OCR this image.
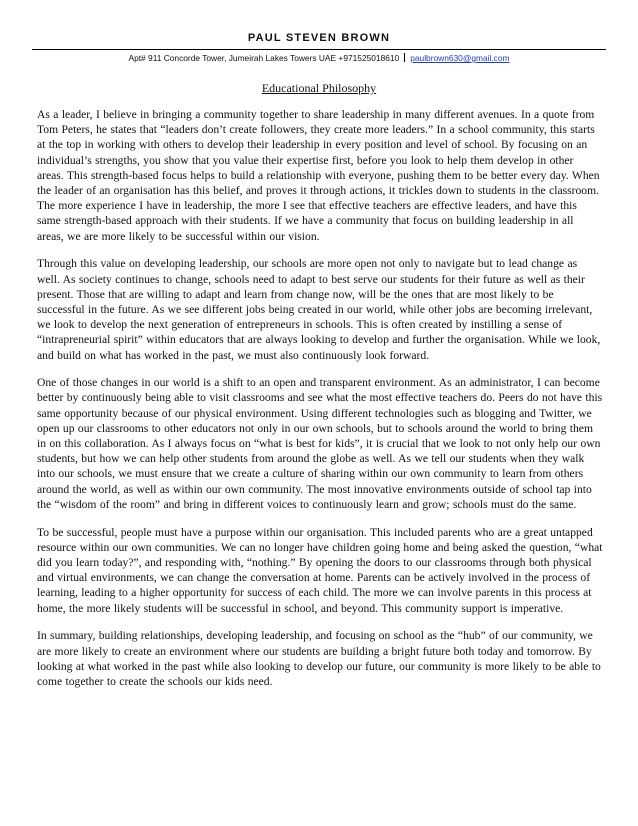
PAUL STEVEN BROWN
Apt# 911 Concorde Tower, Jumeirah Lakes Towers UAE +971525018610 paulbrown630@gmail.com
Educational Philosophy

As a leader, I believe in bringing a community together to share leadership in many different avenues. In a quote from Tom Peters, he states that “leaders don’t create followers, they create more leaders.” In a school community, this starts at the top in working with others to develop their leadership in every position and level of school. By focusing on an individual’s strengths, you show that you value their expertise first, before you look to help them develop in other areas. This strength-based focus helps to build a relationship with everyone, pushing them to be better every day. When the leader of an organisation has this belief, and proves it through actions, it trickles down to students in the classroom. The more experience I have in leadership, the more I see that effective teachers are effective leaders, and have this same strength-based approach with their students. If we have a community that focus on building leadership in all areas, we are more likely to be successful within our vision.

Through this value on developing leadership, our schools are more open not only to navigate but to lead change as well. As society continues to change, schools need to adapt to best serve our students for their future as well as their present. Those that are willing to adapt and learn from change now, will be the ones that are most likely to be successful in the future. As we see different jobs being created in our world, while other jobs are becoming irrelevant, we look to develop the next generation of entrepreneurs in schools. This is often created by instilling a sense of “intrapreneurial spirit” within educators that are always looking to develop and further the organisation. While we look, and build on what has worked in the past, we must also continuously look forward.

One of those changes in our world is a shift to an open and transparent environment. As an administrator, I can become better by continuously being able to visit classrooms and see what the most effective teachers do. Peers do not have this same opportunity because of our physical environment. Using different technologies such as blogging and Twitter, we open up our classrooms to other educators not only in our own schools, but to schools around the world to bring them in on this collaboration. As I always focus on “what is best for kids”, it is crucial that we look to not only help our own students, but how we can help other students from around the globe as well. As we tell our students when they walk into our schools, we must ensure that we create a culture of sharing within our own community to learn from others around the world, as well as within our own community. The most innovative environments outside of school tap into the “wisdom of the room” and bring in different voices to continuously learn and grow; schools must do the same.

To be successful, people must have a purpose within our organisation. This included parents who are a great untapped resource within our own communities. We can no longer have children going home and being asked the question, “what did you learn today?”, and responding with, “nothing.” By opening the doors to our classrooms through both physical and virtual environments, we can change the conversation at home. Parents can be actively involved in the process of learning, leading to a higher opportunity for success of each child. The more we can involve parents in this process at home, the more likely students will be successful in school, and beyond. This community support is imperative.

In summary, building relationships, developing leadership, and focusing on school as the “hub” of our community, we are more likely to create an environment where our students are building a bright future both today and tomorrow. By looking at what worked in the past while also looking to develop our future, our community is more likely to be able to come together to create the schools our kids need.
